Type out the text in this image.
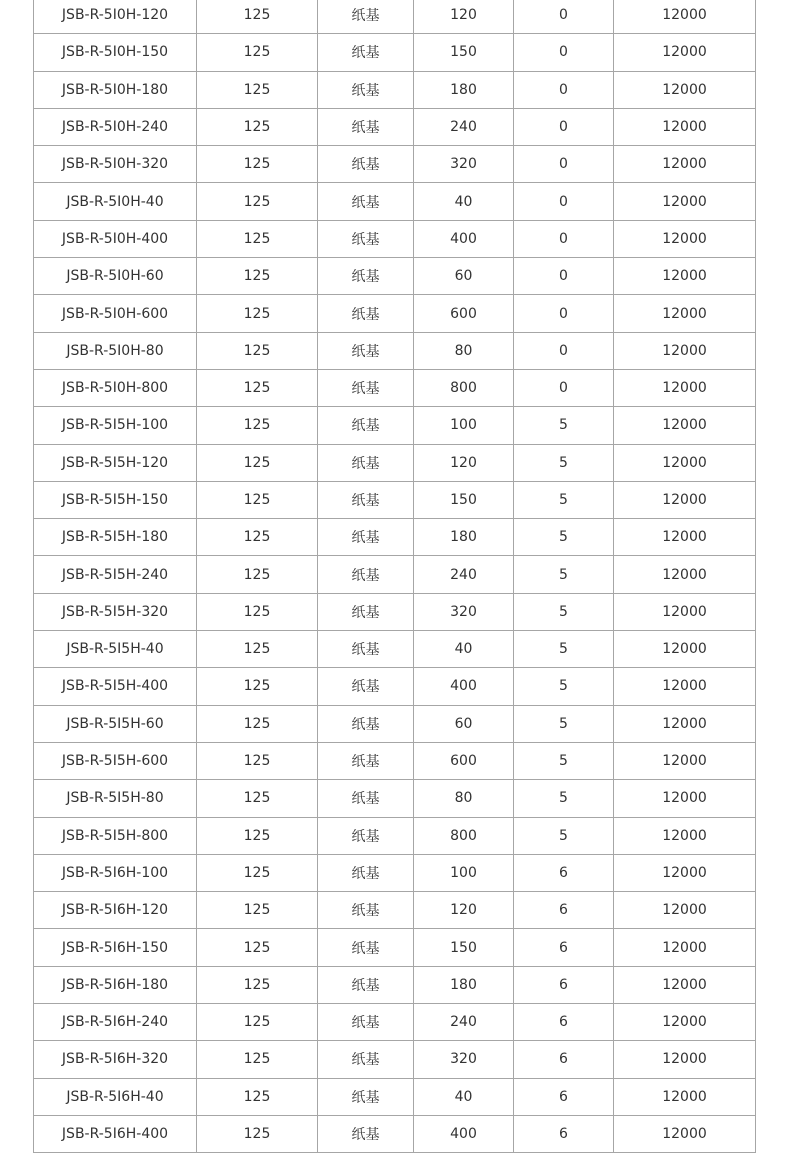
JSB-R-5I0H-120	125	纸基	120	0	12000
JSB-R-5I0H-150	125	纸基	150	0	12000
JSB-R-5I0H-180	125	纸基	180	0	12000
JSB-R-5I0H-240	125	纸基	240	0	12000
JSB-R-5I0H-320	125	纸基	320	0	12000
JSB-R-5I0H-40	125	纸基	40	0	12000
JSB-R-5I0H-400	125	纸基	400	0	12000
JSB-R-5I0H-60	125	纸基	60	0	12000
JSB-R-5I0H-600	125	纸基	600	0	12000
JSB-R-5I0H-80	125	纸基	80	0	12000
JSB-R-5I0H-800	125	纸基	800	0	12000
JSB-R-5I5H-100	125	纸基	100	5	12000
JSB-R-5I5H-120	125	纸基	120	5	12000
JSB-R-5I5H-150	125	纸基	150	5	12000
JSB-R-5I5H-180	125	纸基	180	5	12000
JSB-R-5I5H-240	125	纸基	240	5	12000
JSB-R-5I5H-320	125	纸基	320	5	12000
JSB-R-5I5H-40	125	纸基	40	5	12000
JSB-R-5I5H-400	125	纸基	400	5	12000
JSB-R-5I5H-60	125	纸基	60	5	12000
JSB-R-5I5H-600	125	纸基	600	5	12000
JSB-R-5I5H-80	125	纸基	80	5	12000
JSB-R-5I5H-800	125	纸基	800	5	12000
JSB-R-5I6H-100	125	纸基	100	6	12000
JSB-R-5I6H-120	125	纸基	120	6	12000
JSB-R-5I6H-150	125	纸基	150	6	12000
JSB-R-5I6H-180	125	纸基	180	6	12000
JSB-R-5I6H-240	125	纸基	240	6	12000
JSB-R-5I6H-320	125	纸基	320	6	12000
JSB-R-5I6H-40	125	纸基	40	6	12000
JSB-R-5I6H-400	125	纸基	400	6	12000
